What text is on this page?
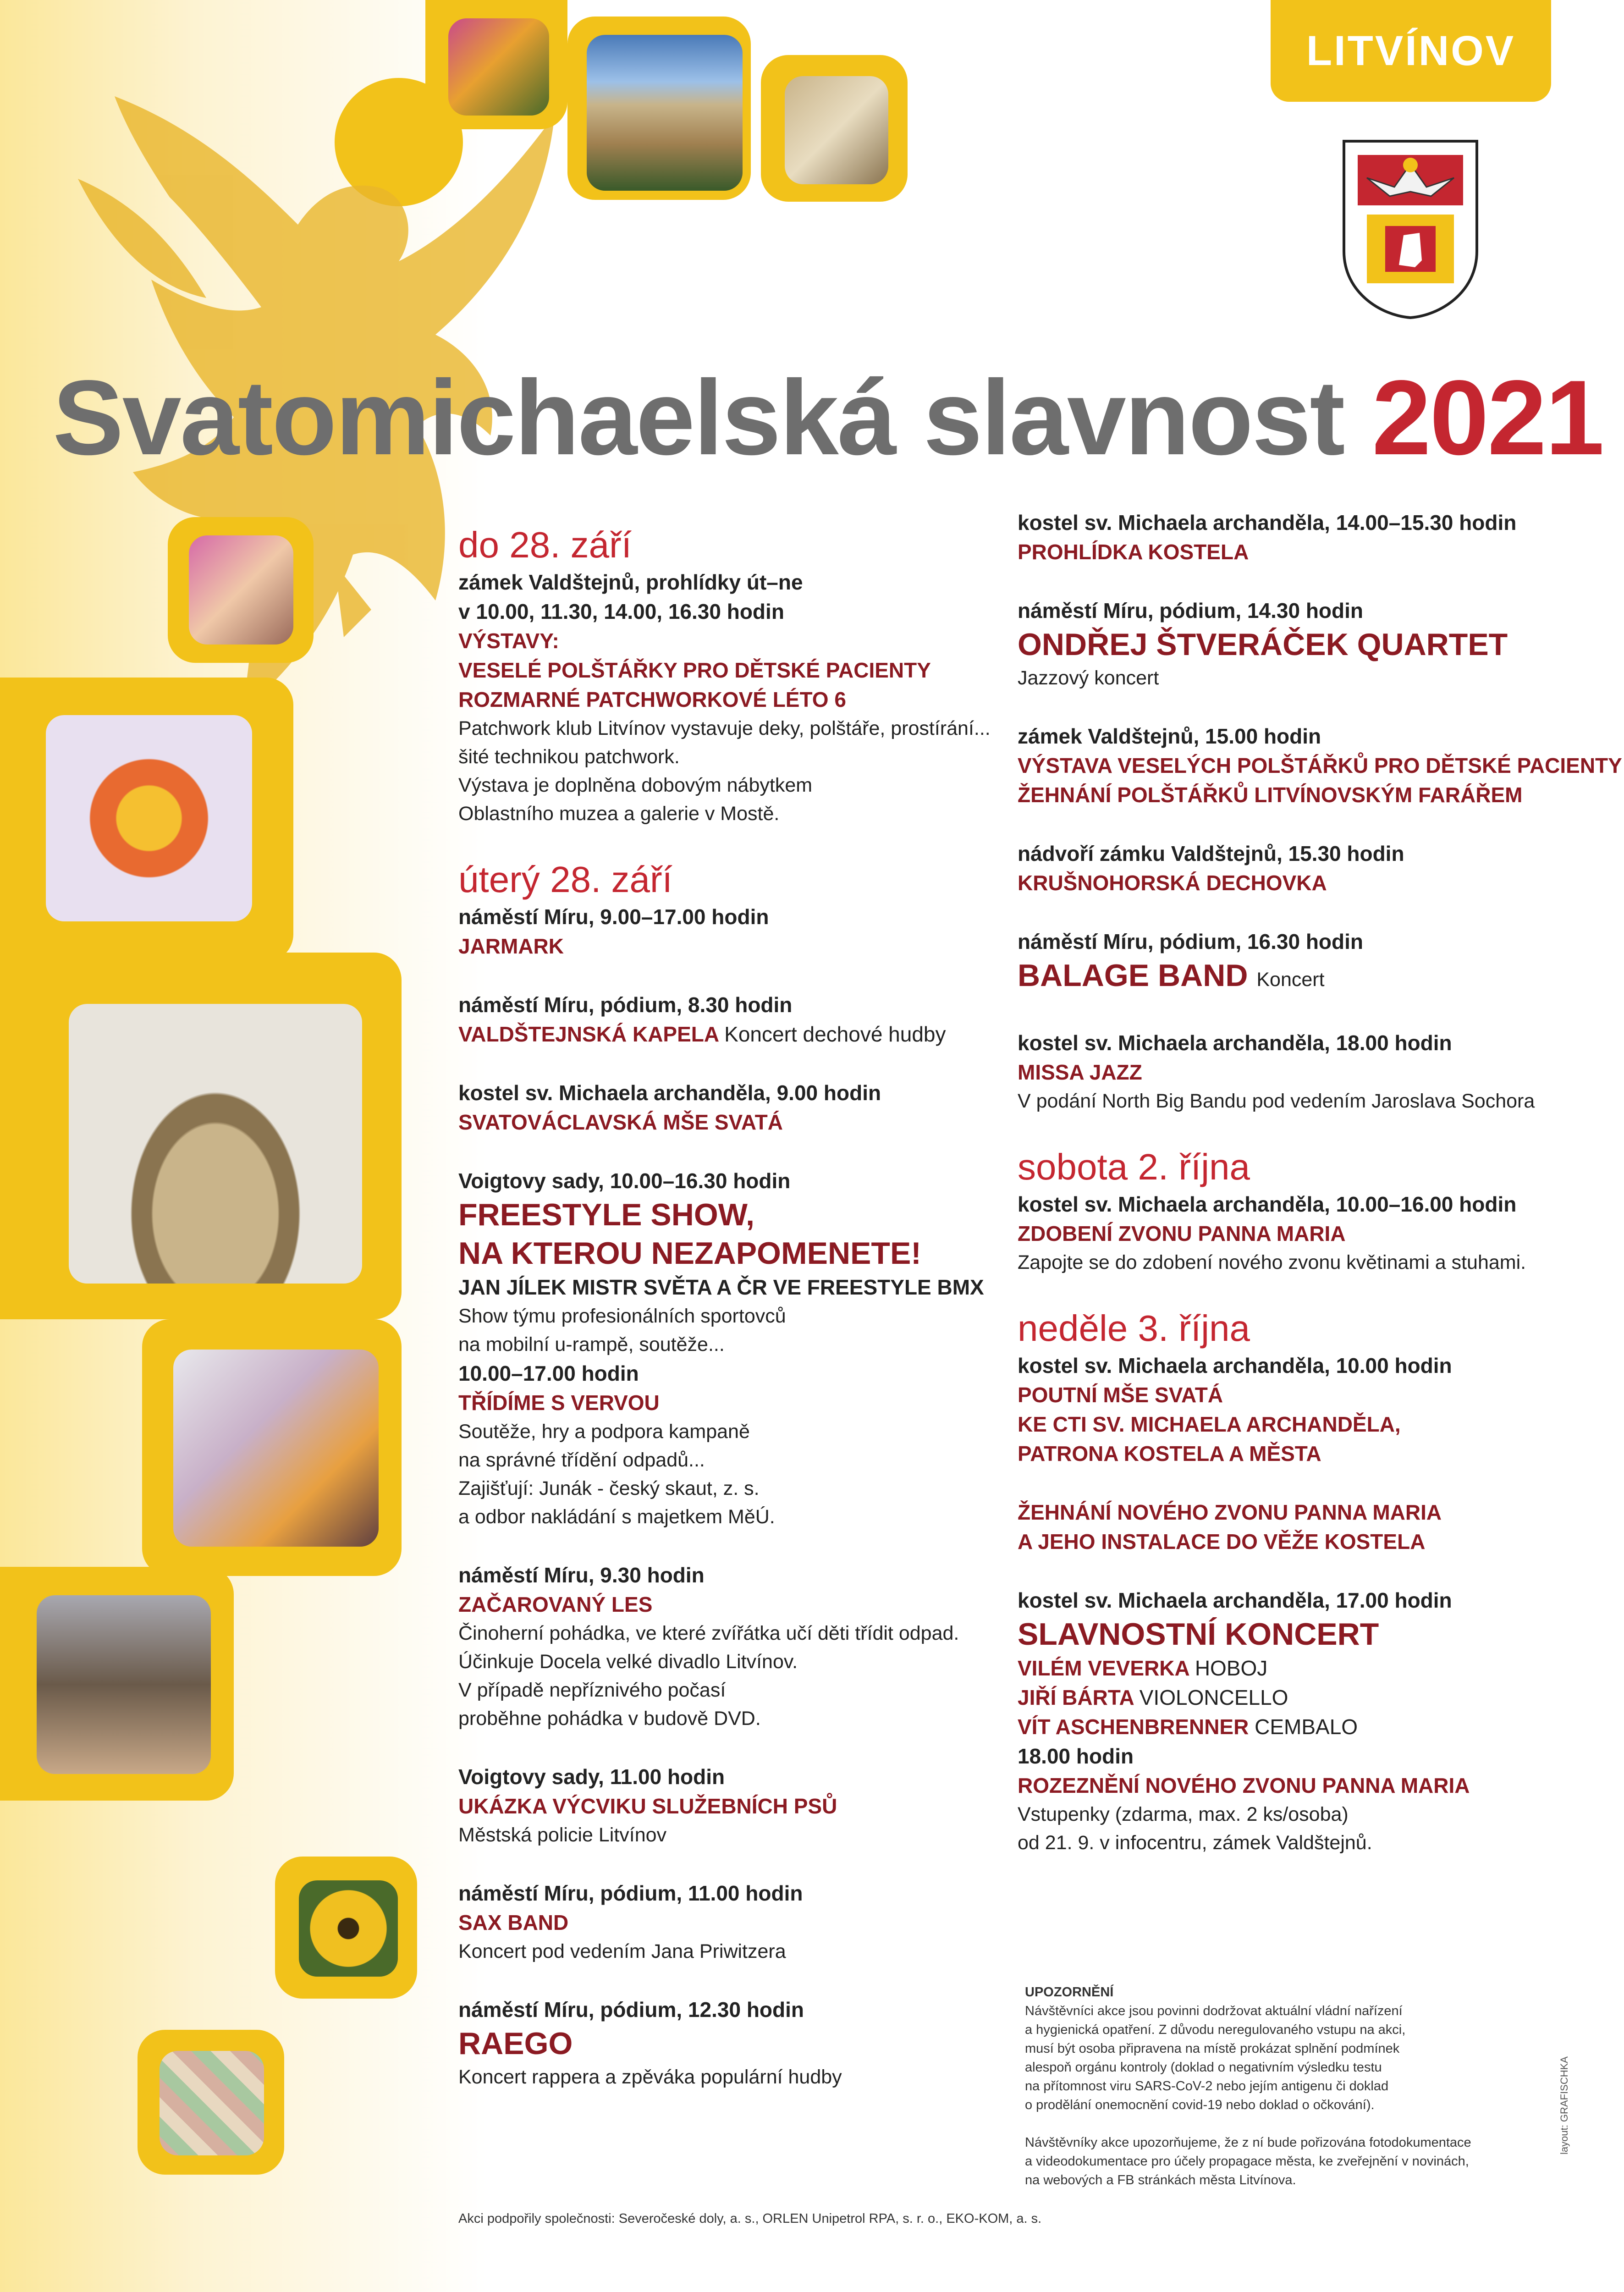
LITVÍNOV
Svatomichaelská slavnost 2021
do 28. září
zámek Valdštejnů, prohlídky út–ne
v 10.00, 11.30, 14.00, 16.30 hodin
VÝSTAVY:
VESELÉ POLŠTÁŘKY PRO DĚTSKÉ PACIENTY
ROZMARNÉ PATCHWORKOVÉ LÉTO 6
Patchwork klub Litvínov vystavuje deky, polštáře, prostírání...
šité technikou patchwork.
Výstava je doplněna dobovým nábytkem
Oblastního muzea a galerie v Mostě.
úterý 28. září
náměstí Míru, 9.00–17.00 hodin
JARMARK
náměstí Míru, pódium, 8.30 hodin
VALDŠTEJNSKÁ KAPELA Koncert dechové hudby
kostel sv. Michaela archanděla, 9.00 hodin
SVATOVÁCLAVSKÁ MŠE SVATÁ
Voigtovy sady, 10.00–16.30 hodin
FREESTYLE SHOW,
NA KTEROU NEZAPOMENETE!
JAN JÍLEK MISTR SVĚTA A ČR VE FREESTYLE BMX
Show týmu profesionálních sportovců
na mobilní u-rampě, soutěže...
10.00–17.00 hodin
TŘÍDÍME S VERVOU
Soutěže, hry a podpora kampaně
na správné třídění odpadů...
Zajišťují: Junák - český skaut, z. s.
a odbor nakládání s majetkem MěÚ.
náměstí Míru, 9.30 hodin
ZAČAROVANÝ LES
Činoherní pohádka, ve které zvířátka učí děti třídit odpad.
Účinkuje Docela velké divadlo Litvínov.
V případě nepříznivého počasí
proběhne pohádka v budově DVD.
Voigtovy sady, 11.00 hodin
UKÁZKA VÝCVIKU SLUŽEBNÍCH PSŮ
Městská policie Litvínov
náměstí Míru, pódium, 11.00 hodin
SAX BAND
Koncert pod vedením Jana Priwitzera
náměstí Míru, pódium, 12.30 hodin
RAEGO
Koncert rappera a zpěváka populární hudby
kostel sv. Michaela archanděla, 14.00–15.30 hodin
PROHLÍDKA KOSTELA
náměstí Míru, pódium, 14.30 hodin
ONDŘEJ ŠTVERÁČEK QUARTET
Jazzový koncert
zámek Valdštejnů, 15.00 hodin
VÝSTAVA VESELÝCH POLŠTÁŘKŮ PRO DĚTSKÉ PACIENTY
ŽEHNÁNÍ POLŠTÁŘKŮ LITVÍNOVSKÝM FARÁŘEM
nádvoří zámku Valdštejnů, 15.30 hodin
KRUŠNOHORSKÁ DECHOVKA
náměstí Míru, pódium, 16.30 hodin
BALAGE BAND Koncert
kostel sv. Michaela archanděla, 18.00 hodin
MISSA JAZZ
V podání North Big Bandu pod vedením Jaroslava Sochora
sobota 2. října
kostel sv. Michaela archanděla, 10.00–16.00 hodin
ZDOBENÍ ZVONU PANNA MARIA
Zapojte se do zdobení nového zvonu květinami a stuhami.
neděle 3. října
kostel sv. Michaela archanděla, 10.00 hodin
POUTNÍ MŠE SVATÁ
KE CTI SV. MICHAELA ARCHANDĚLA,
PATRONA KOSTELA A MĚSTA
ŽEHNÁNÍ NOVÉHO ZVONU PANNA MARIA
A JEHO INSTALACE DO VĚŽE KOSTELA
kostel sv. Michaela archanděla, 17.00 hodin
SLAVNOSTNÍ KONCERT
VILÉM VEVERKA HOBOJ
JIŘÍ BÁRTA VIOLONCELLO
VÍT ASCHENBRENNER CEMBALO
18.00 hodin
ROZEZNĚNÍ NOVÉHO ZVONU PANNA MARIA
Vstupenky (zdarma, max. 2 ks/osoba)
od 21. 9. v infocentru, zámek Valdštejnů.
UPOZORNĚNÍ
Návštěvníci akce jsou povinni dodržovat aktuální vládní nařízení
a hygienická opatření. Z důvodu neregulovaného vstupu na akci,
musí být osoba připravena na místě prokázat splnění podmínek
alespoň orgánu kontroly (doklad o negativním výsledku testu
na přítomnost viru SARS-CoV-2 nebo jejím antigenu či doklad
o prodělání onemocnění covid-19 nebo doklad o očkování).
Návštěvníky akce upozorňujeme, že z ní bude pořizována fotodokumentace
a videodokumentace pro účely propagace města, ke zveřejnění v novinách,
na webových a FB stránkách města Litvínova.
Akci podpořily společnosti: Severočeské doly, a. s., ORLEN Unipetrol RPA, s. r. o., EKO-KOM, a. s.
layout: GRAFISCHKA
